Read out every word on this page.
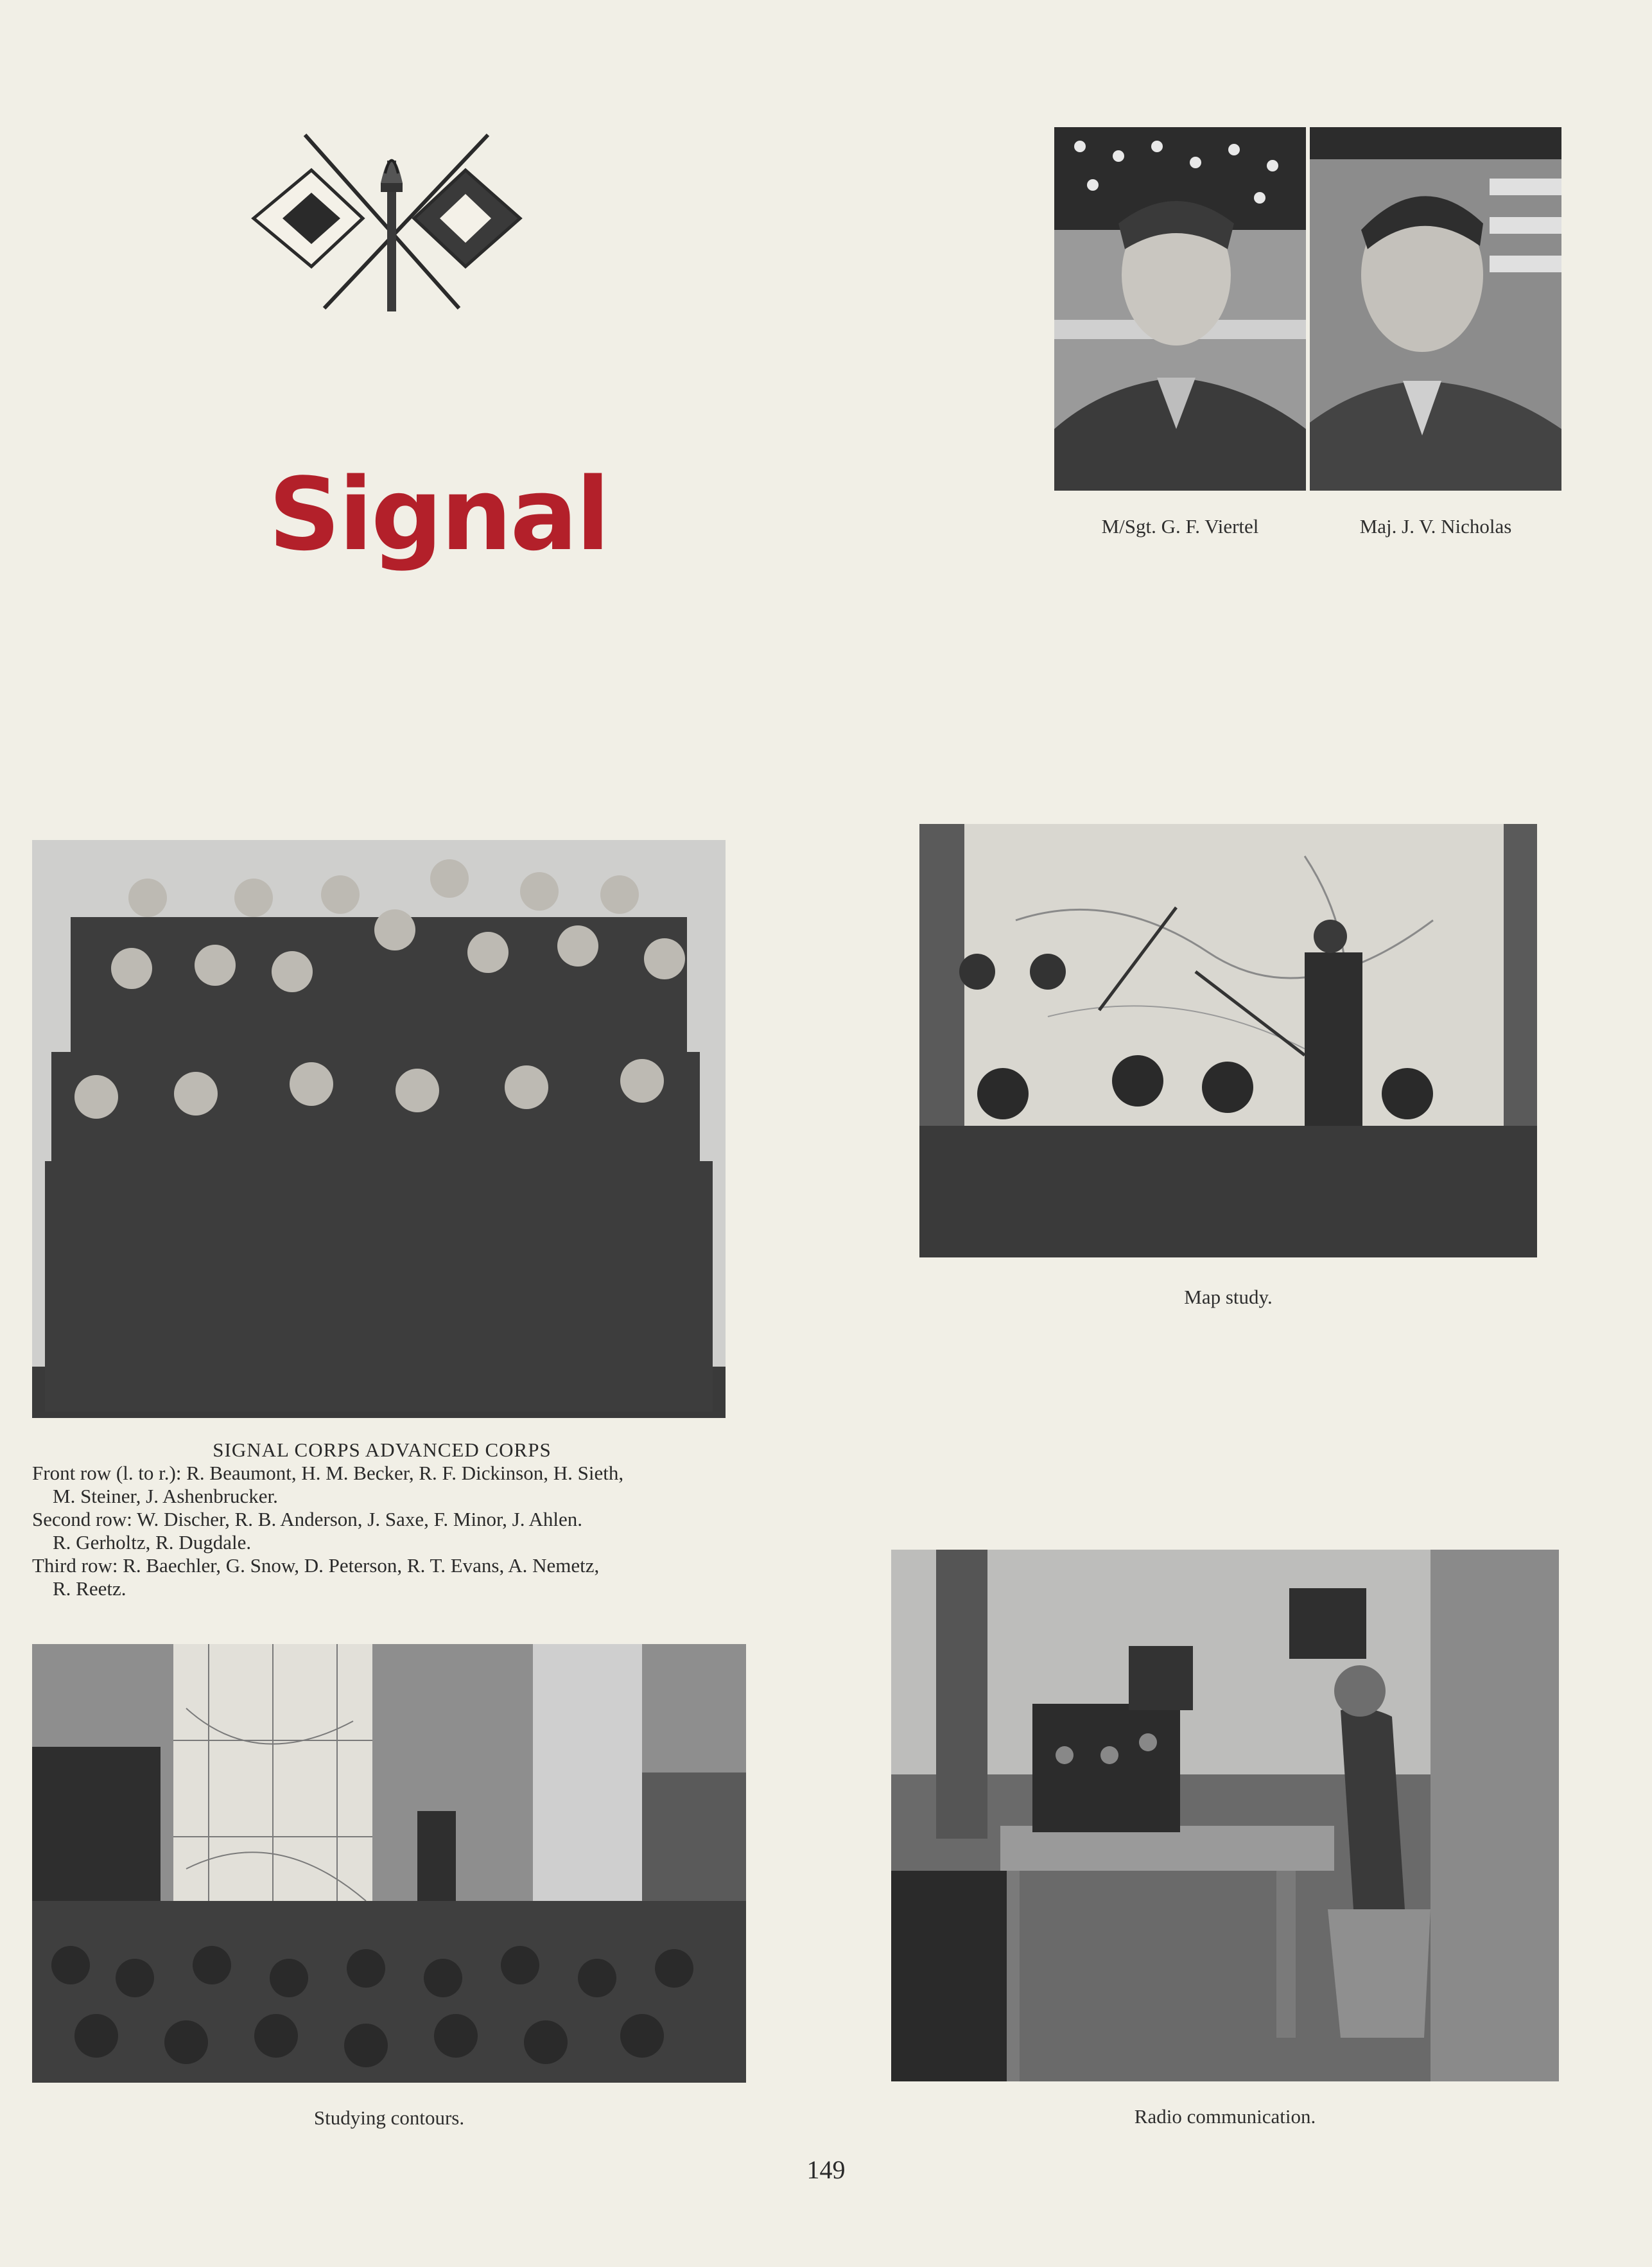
Signal	M/Sgt. G. F. Viertel	Maj. J. V. Nicholas
SIGNAL CORPS ADVANCED CORPS
Front row (l. to r.): R. Beaumont, H. M. Becker, R. F. Dickinson, H. Sieth,
M. Steiner, J. Ashenbrucker.
Second row: W. Discher, R. B. Anderson, J. Saxe, F. Minor, J. Ahlen.
R. Gerholtz, R. Dugdale.
Third row: R. Baechler, G. Snow, D. Peterson, R. T. Evans, A. Nemetz,
R. Reetz.
Map study.
Studying contours.	Radio communication.
149
